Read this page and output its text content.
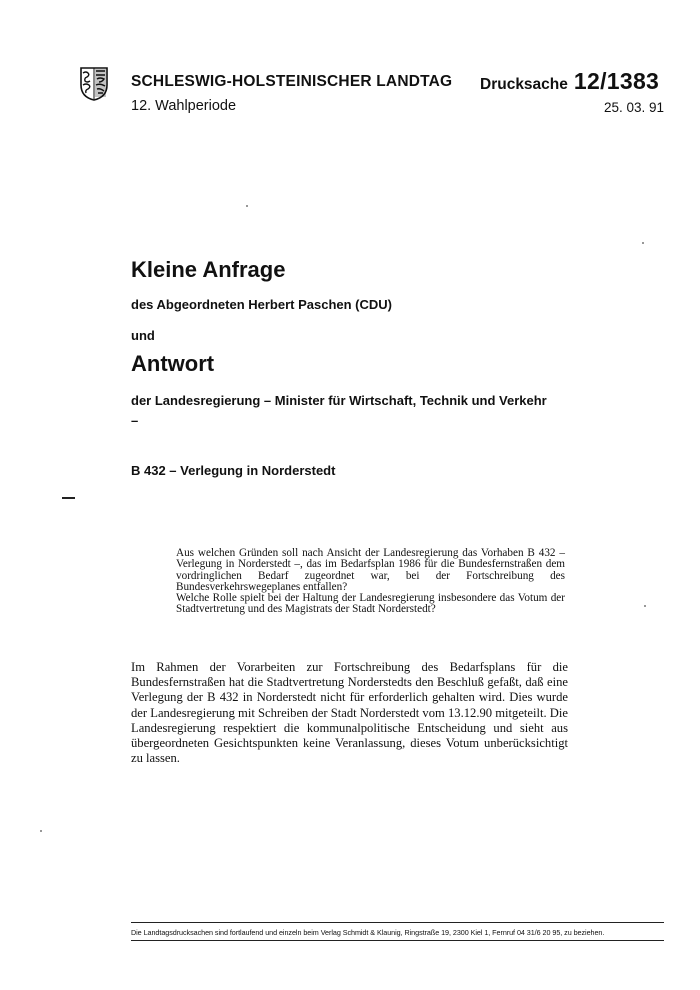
SCHLESWIG-HOLSTEINISCHER LANDTAG
12. Wahlperiode
Drucksache 12/1383
25. 03. 91
Kleine Anfrage
des Abgeordneten Herbert Paschen (CDU)
und
Antwort
der Landesregierung – Minister für Wirtschaft, Technik und Verkehr –
B 432 – Verlegung in Norderstedt

Aus welchen Gründen soll nach Ansicht der Landesregierung das Vorhaben B 432 – Verlegung in Norderstedt –, das im Bedarfsplan 1986 für die Bundesfernstraßen dem vordringlichen Bedarf zugeordnet war, bei der Fortschreibung des Bundesverkehrswegeplanes entfallen?

Welche Rolle spielt bei der Haltung der Landesregierung insbesondere das Votum der Stadtvertretung und des Magistrats der Stadt Norderstedt?

Im Rahmen der Vorarbeiten zur Fortschreibung des Bedarfsplans für die Bundesfernstraßen hat die Stadtvertretung Norderstedts den Beschluß gefaßt, daß eine Verlegung der B 432 in Norderstedt nicht für erforderlich gehalten wird. Dies wurde der Landesregierung mit Schreiben der Stadt Norderstedt vom 13.12.90 mitgeteilt. Die Landesregierung respektiert die kommunalpolitische Entscheidung und sieht aus übergeordneten Gesichtspunkten keine Veranlassung, dieses Votum unberücksichtigt zu lassen.
Die Landtagsdrucksachen sind fortlaufend und einzeln beim Verlag Schmidt & Klaunig, Ringstraße 19, 2300 Kiel 1, Fernruf 04 31/6 20 95, zu beziehen.
